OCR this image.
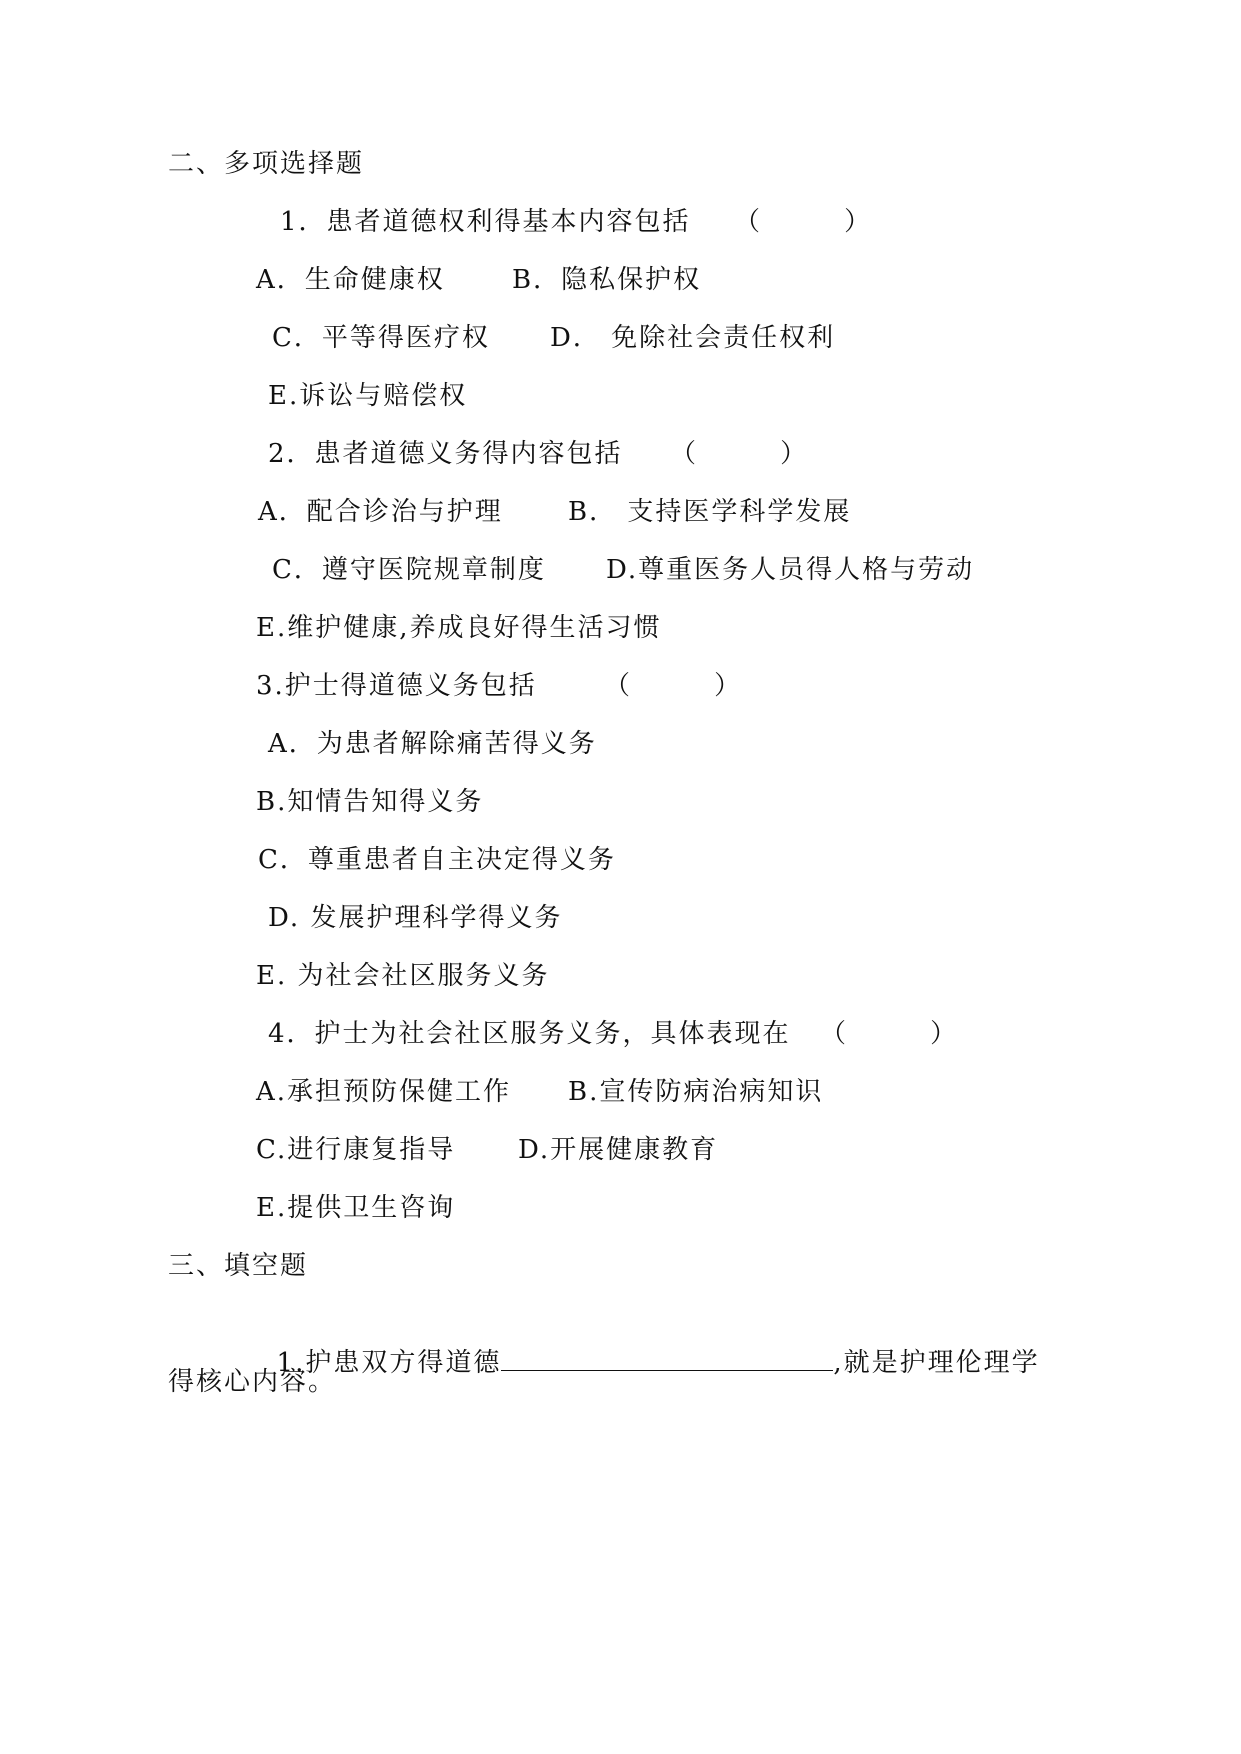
二、多项选择题
1．患者道德权利得基本内容包括 （        ）
A．生命健康权	B．隐私保护权
C．平等得医疗权 D． 免除社会责任权利
E.诉讼与赔偿权
2．患者道德义务得内容包括 （        ）
A．配合诊治与护理	B． 支持医学科学发展
C．遵守医院规章制度 D.尊重医务人员得人格与劳动
E.维护健康,养成良好得生活习惯
3.护士得道德义务包括	（        ）
A．为患者解除痛苦得义务
B.知情告知得义务
C．尊重患者自主决定得义务
D. 发展护理科学得义务
E. 为社会社区服务义务
4．护士为社会社区服务义务，具体表现在 （        ）
A.承担预防保健工作 B.宣传防病治病知识
C.进行康复指导 D.开展健康教育
E.提供卫生咨询
三、填空题

1.护患双方得道德	,就是护理伦理学

得核心内容。
